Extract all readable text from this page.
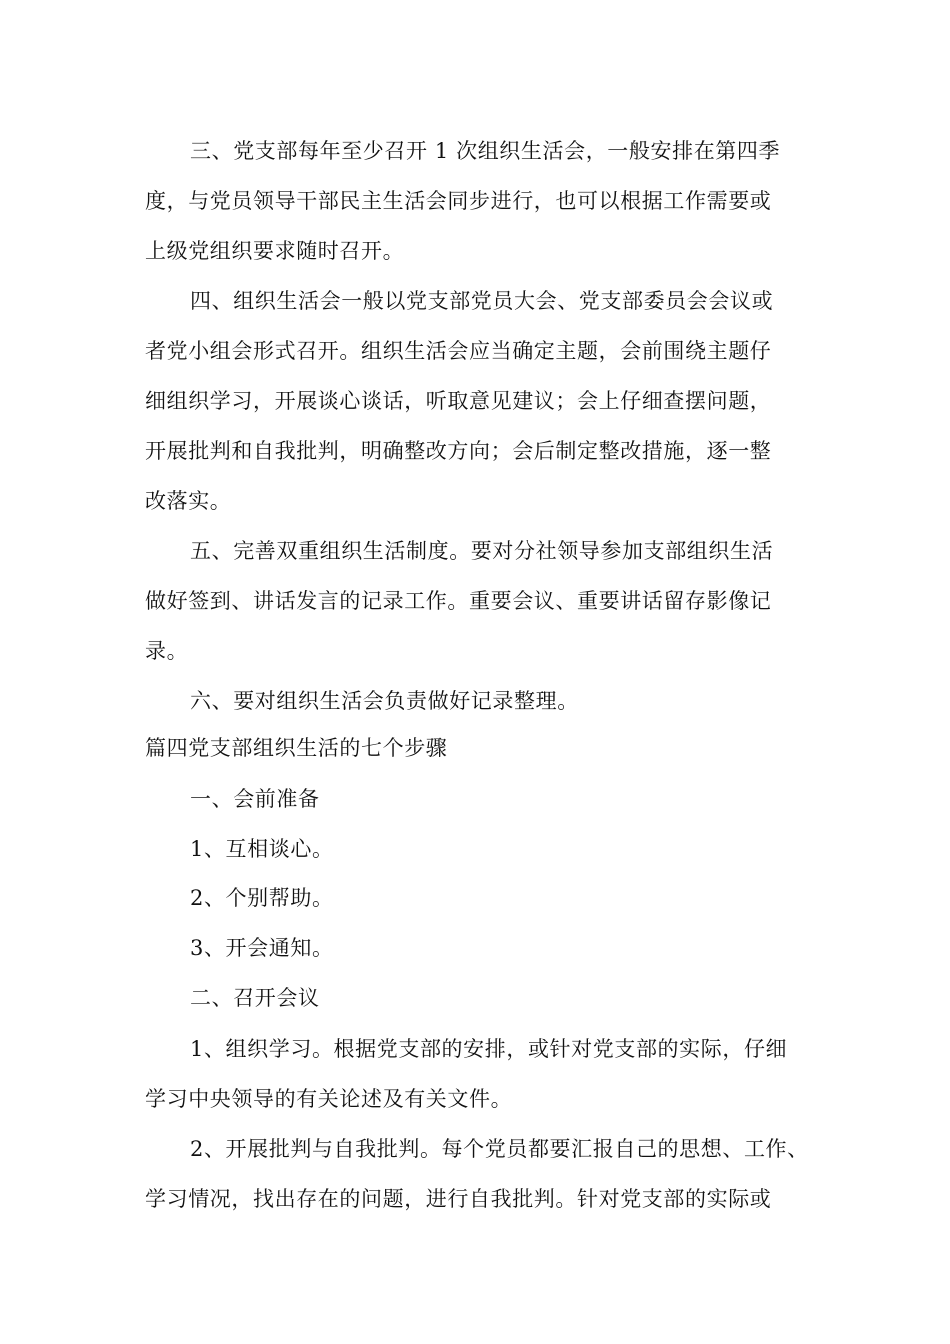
三、党支部每年至少召开 1 次组织生活会，一般安排在第四季
度，与党员领导干部民主生活会同步进行，也可以根据工作需要或
上级党组织要求随时召开。

四、组织生活会一般以党支部党员大会、党支部委员会会议或
者党小组会形式召开。组织生活会应当确定主题，会前围绕主题仔
细组织学习，开展谈心谈话，听取意见建议；会上仔细查摆问题，
开展批判和自我批判，明确整改方向；会后制定整改措施，逐一整
改落实。

五、完善双重组织生活制度。要对分社领导参加支部组织生活
做好签到、讲话发言的记录工作。重要会议、重要讲话留存影像记
录。

六、要对组织生活会负责做好记录整理。

篇四党支部组织生活的七个步骤

一、会前准备

1、互相谈心。

2、个别帮助。

3、开会通知。

二、召开会议

1、组织学习。根据党支部的安排，或针对党支部的实际，仔细
学习中央领导的有关论述及有关文件。

2、开展批判与自我批判。每个党员都要汇报自己的思想、工作、
学习情况，找出存在的问题，进行自我批判。针对党支部的实际或
